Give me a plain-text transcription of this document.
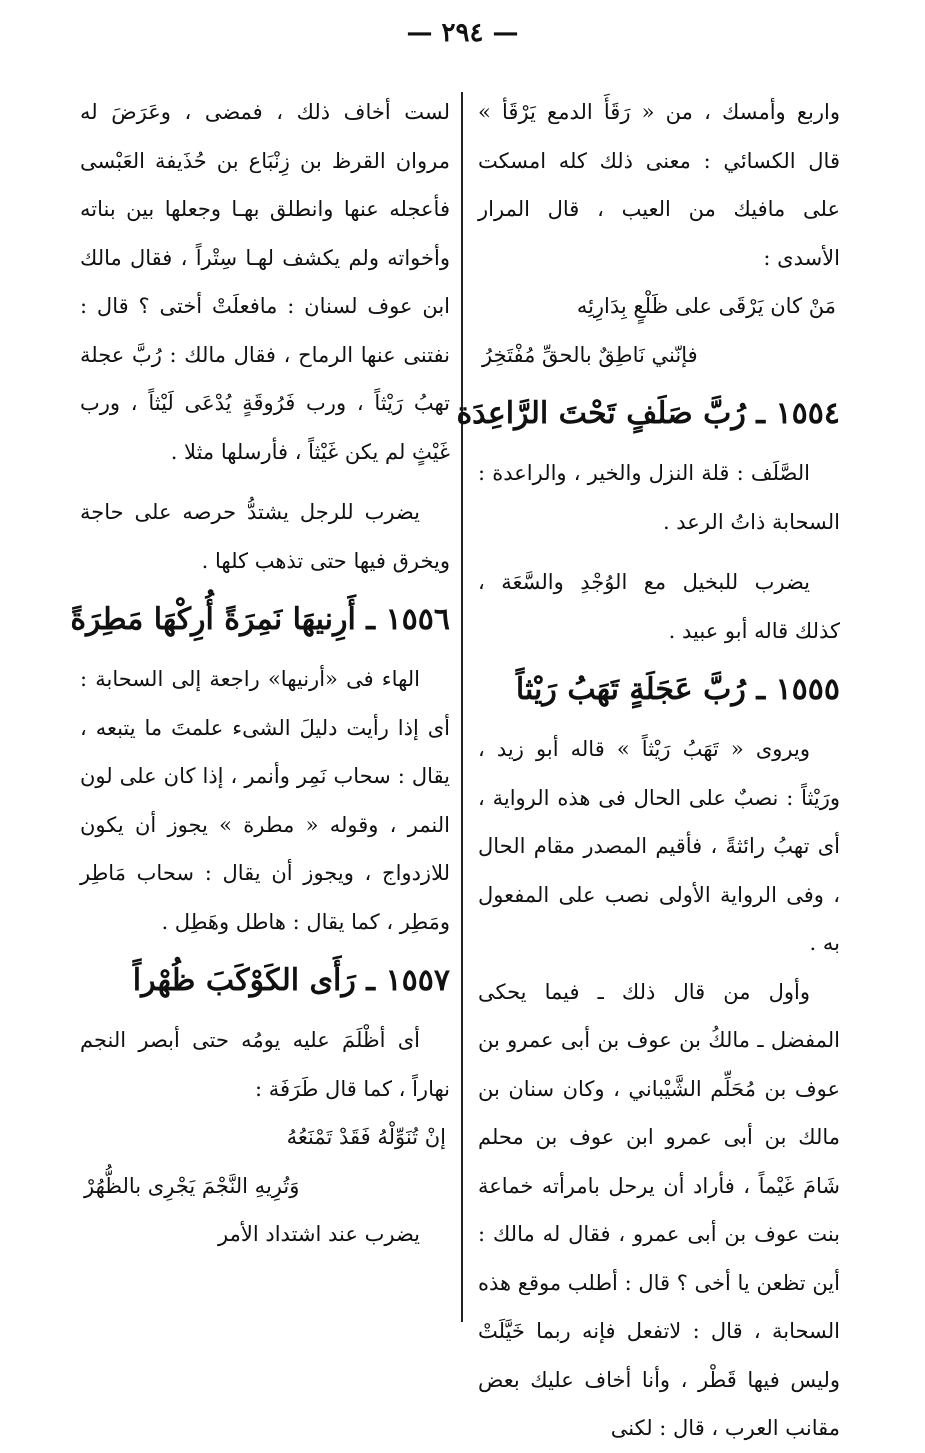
— ٢٩٤ —

واربع وأمسك ، من « رَقَأَ الدمع يَرْقَأ » قال الكسائي : معنى ذلك كله امسكت على مافيك من العيب ، قال المرار الأسدى :

مَنْ كان يَرْقَى على ظَلْعٍ بِدَارِئِه

فإنّني نَاطِقٌ بالحقِّ مُفْتَخِرُ

١٥٥٤ ـ رُبَّ صَلَفٍ تَحْتَ الرَّاعِدَة

الصَّلَف : قلة النزل والخير ، والراعدة : السحابة ذاتُ الرعد .

يضرب للبخيل مع الوُجْدِ والسَّعَة ، كذلك قاله أبو عبيد .

١٥٥٥ ـ رُبَّ عَجَلَةٍ تَهَبُ رَيْثاً

ويروى « تَهَبُ رَيْثاً » قاله أبو زيد ، ورَيْثاً : نصبٌ على الحال فى هذه الرواية ، أى تهبُ رائثةً ، فأقيم المصدر مقام الحال ، وفى الرواية الأولى نصب على المفعول به .

وأول من قال ذلك ـ فيما يحكى المفضل ـ مالكُ بن عوف بن أبى عمرو بن عوف بن مُحَلِّم الشَّيْباني ، وكان سنان بن مالك بن أبى عمرو ابن عوف بن محلم شَامَ غَيْماً ، فأراد أن يرحل بامرأته خماعة بنت عوف بن أبى عمرو ، فقال له مالك : أين تظعن يا أخى ؟ قال : أطلب موقع هذه السحابة ، قال : لاتفعل فإنه ربما خَيَّلَتْ وليس فيها قَطْر ، وأنا أخاف عليك بعض مقانب العرب ، قال : لكنى

لست أخاف ذلك ، فمضى ، وعَرَضَ له مروان القرظ بن زِنْبَاع بن حُذَيفة العَبْسى فأعجله عنها وانطلق بهـا وجعلها بين بناته وأخواته ولم يكشف لهـا سِتْراً ، فقال مالك ابن عوف لسنان : مافعلَتْ أختى ؟ قال : نفتنى عنها الرماح ، فقال مالك : رُبَّ عجلة تهبُ رَيْثاً ، ورب فَرُوقَةٍ يُدْعَى لَيْثاً ، ورب غَيْثٍ لم يكن غَيْثاً ، فأرسلها مثلا .

يضرب للرجل يشتدُّ حرصه على حاجة ويخرق فيها حتى تذهب كلها .

١٥٥٦ ـ أَرِنيهَا نَمِرَةً أُرِكْهَا مَطِرَةً

الهاء فى «أرنيها» راجعة إلى السحابة : أى إذا رأيت دليلَ الشىء علمتَ ما يتبعه ، يقال : سحاب نَمِر وأنمر ، إذا كان على لون النمر ، وقوله « مطرة » يجوز أن يكون للازدواج ، ويجوز أن يقال : سحاب مَاطِر ومَطِر ، كما يقال : هاطل وهَطِل .

١٥٥٧ ـ رَأَى الكَوْكَبَ ظُهْراً

أى أظْلَمَ عليه يومُه حتى أبصر النجم نهاراً ، كما قال طَرَفَة :

إنْ تُنَوِّلْهُ فَقَدْ تَمْنَعُهُ

وَتُرِيهِ النَّجْمَ يَجْرِى بالظُّهُرْ

يضرب عند اشتداد الأمر
